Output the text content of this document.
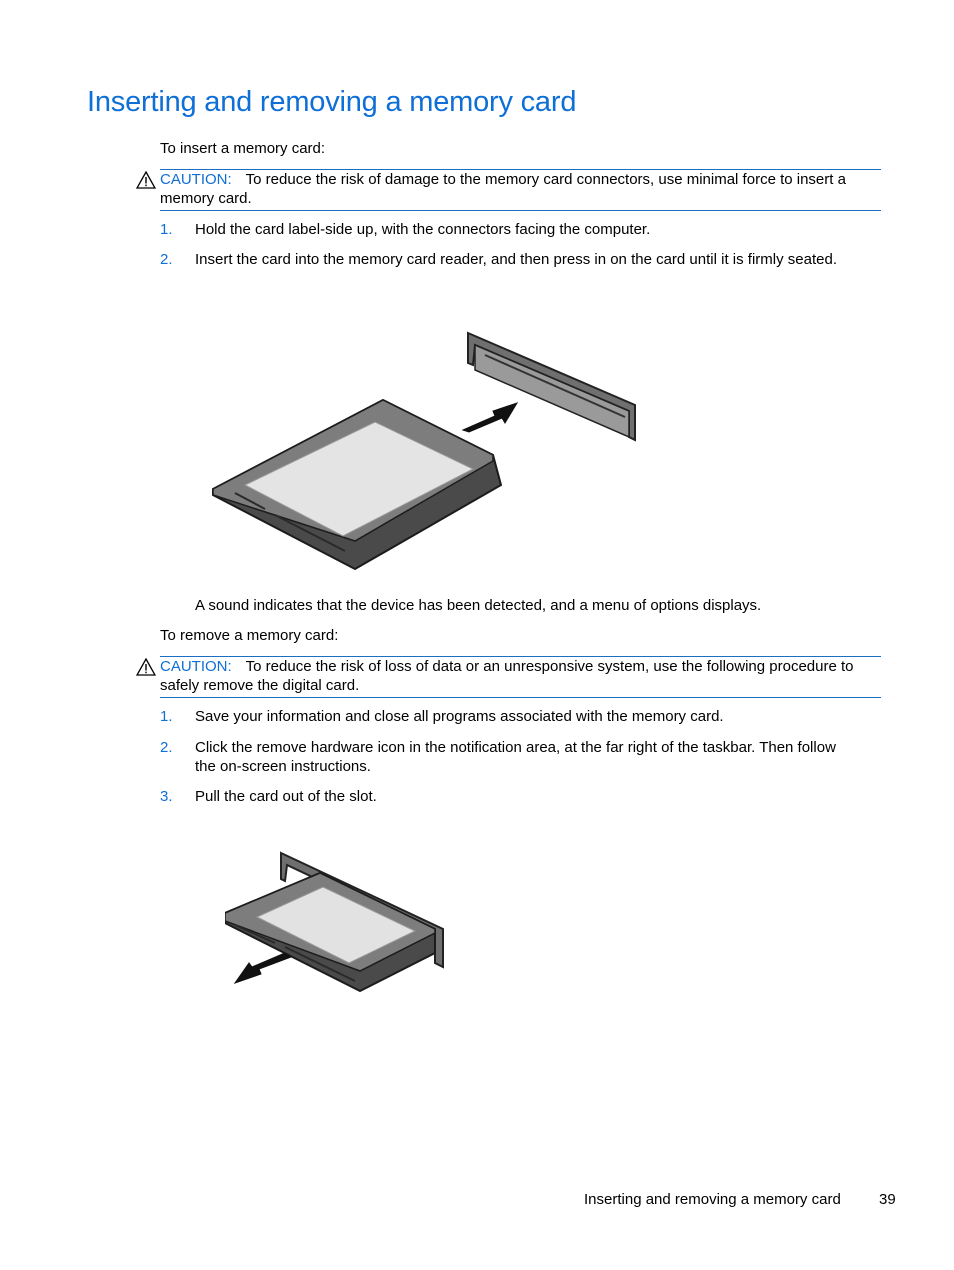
Inserting and removing a memory card

To insert a memory card:

CAUTION: To reduce the risk of damage to the memory card connectors, use minimal force to insert a memory card.
1. Hold the card label-side up, with the connectors facing the computer.
2. Insert the card into the memory card reader, and then press in on the card until it is firmly seated.

A sound indicates that the device has been detected, and a menu of options displays.

To remove a memory card:

CAUTION: To reduce the risk of loss of data or an unresponsive system, use the following procedure to safely remove the digital card.
1. Save your information and close all programs associated with the memory card.
2. Click the remove hardware icon in the notification area, at the far right of the taskbar. Then follow the on-screen instructions.
3. Pull the card out of the slot.
Inserting and removing a memory card	39
